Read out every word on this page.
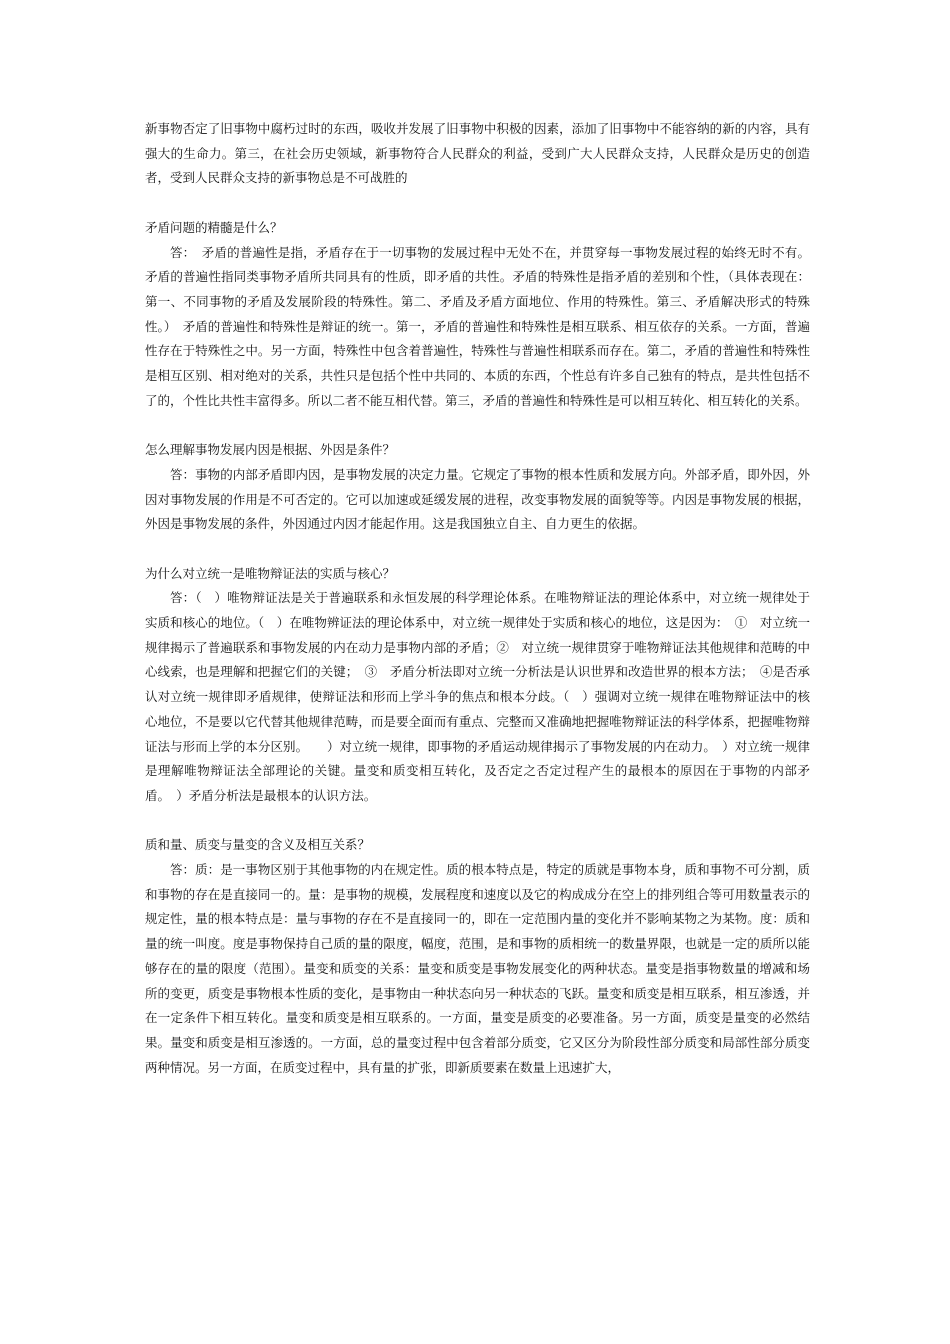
新事物否定了旧事物中腐朽过时的东西，吸收并发展了旧事物中积极的因素，添加了旧事物中不能容纳的新的内容，具有强大的生命力。第三，在社会历史领域，新事物符合人民群众的利益，受到广大人民群众支持，人民群众是历史的创造者，受到人民群众支持的新事物总是不可战胜的

矛盾问题的精髓是什么？

答：　矛盾的普遍性是指，矛盾存在于一切事物的发展过程中无处不在，并贯穿每一事物发展过程的始终无时不有。矛盾的普遍性指同类事物矛盾所共同具有的性质，即矛盾的共性。矛盾的特殊性是指矛盾的差别和个性，（具体表现在：第一、不同事物的矛盾及发展阶段的特殊性。第二、矛盾及矛盾方面地位、作用的特殊性。第三、矛盾解决形式的特殊性。）　矛盾的普遍性和特殊性是辩证的统一。第一，矛盾的普遍性和特殊性是相互联系、相互依存的关系。一方面，普遍性存在于特殊性之中。另一方面，特殊性中包含着普遍性，特殊性与普遍性相联系而存在。第二，矛盾的普遍性和特殊性是相互区别、相对绝对的关系，共性只是包括个性中共同的、本质的东西，个性总有许多自己独有的特点，是共性包括不了的，个性比共性丰富得多。所以二者不能互相代替。第三，矛盾的普遍性和特殊性是可以相互转化、相互转化的关系。

怎么理解事物发展内因是根据、外因是条件？

答：事物的内部矛盾即内因，是事物发展的决定力量。它规定了事物的根本性质和发展方向。外部矛盾，即外因，外因对事物发展的作用是不可否定的。它可以加速或延缓发展的进程，改变事物发展的面貌等等。内因是事物发展的根据，外因是事物发展的条件，外因通过内因才能起作用。这是我国独立自主、自力更生的依据。

为什么对立统一是唯物辩证法的实质与核心？

答：（　）唯物辩证法是关于普遍联系和永恒发展的科学理论体系。在唯物辩证法的理论体系中，对立统一规律处于实质和核心的地位。（　）在唯物辨证法的理论体系中，对立统一规律处于实质和核心的地位，这是因为：　①　对立统一规律揭示了普遍联系和事物发展的内在动力是事物内部的矛盾；②　对立统一规律贯穿于唯物辩证法其他规律和范畴的中心线索，也是理解和把握它们的关键；　③　矛盾分析法即对立统一分析法是认识世界和改造世界的根本方法；　④是否承认对立统一规律即矛盾规律，使辩证法和形而上学斗争的焦点和根本分歧。（　）强调对立统一规律在唯物辩证法中的核心地位，不是要以它代替其他规律范畴，而是要全面而有重点、完整而又准确地把握唯物辩证法的科学体系，把握唯物辩证法与形而上学的本分区别。　　）对立统一规律，即事物的矛盾运动规律揭示了事物发展的内在动力。　）对立统一规律是理解唯物辩证法全部理论的关键。量变和质变相互转化，及否定之否定过程产生的最根本的原因在于事物的内部矛盾。　）矛盾分析法是最根本的认识方法。

质和量、质变与量变的含义及相互关系？

答：质：是一事物区别于其他事物的内在规定性。质的根本特点是，特定的质就是事物本身，质和事物不可分割，质和事物的存在是直接同一的。量：是事物的规模，发展程度和速度以及它的构成成分在空上的排列组合等可用数量表示的规定性，量的根本特点是：量与事物的存在不是直接同一的，即在一定范围内量的变化并不影响某物之为某物。度：质和量的统一叫度。度是事物保持自己质的量的限度，幅度，范围，是和事物的质相统一的数量界限，也就是一定的质所以能够存在的量的限度（范围）。量变和质变的关系：量变和质变是事物发展变化的两种状态。量变是指事物数量的增减和场所的变更，质变是事物根本性质的变化，是事物由一种状态向另一种状态的飞跃。量变和质变是相互联系，相互渗透，并在一定条件下相互转化。量变和质变是相互联系的。一方面，量变是质变的必要准备。另一方面，质变是量变的必然结果。量变和质变是相互渗透的。一方面，总的量变过程中包含着部分质变，它又区分为阶段性部分质变和局部性部分质变两种情况。另一方面，在质变过程中，具有量的扩张，即新质要素在数量上迅速扩大，
